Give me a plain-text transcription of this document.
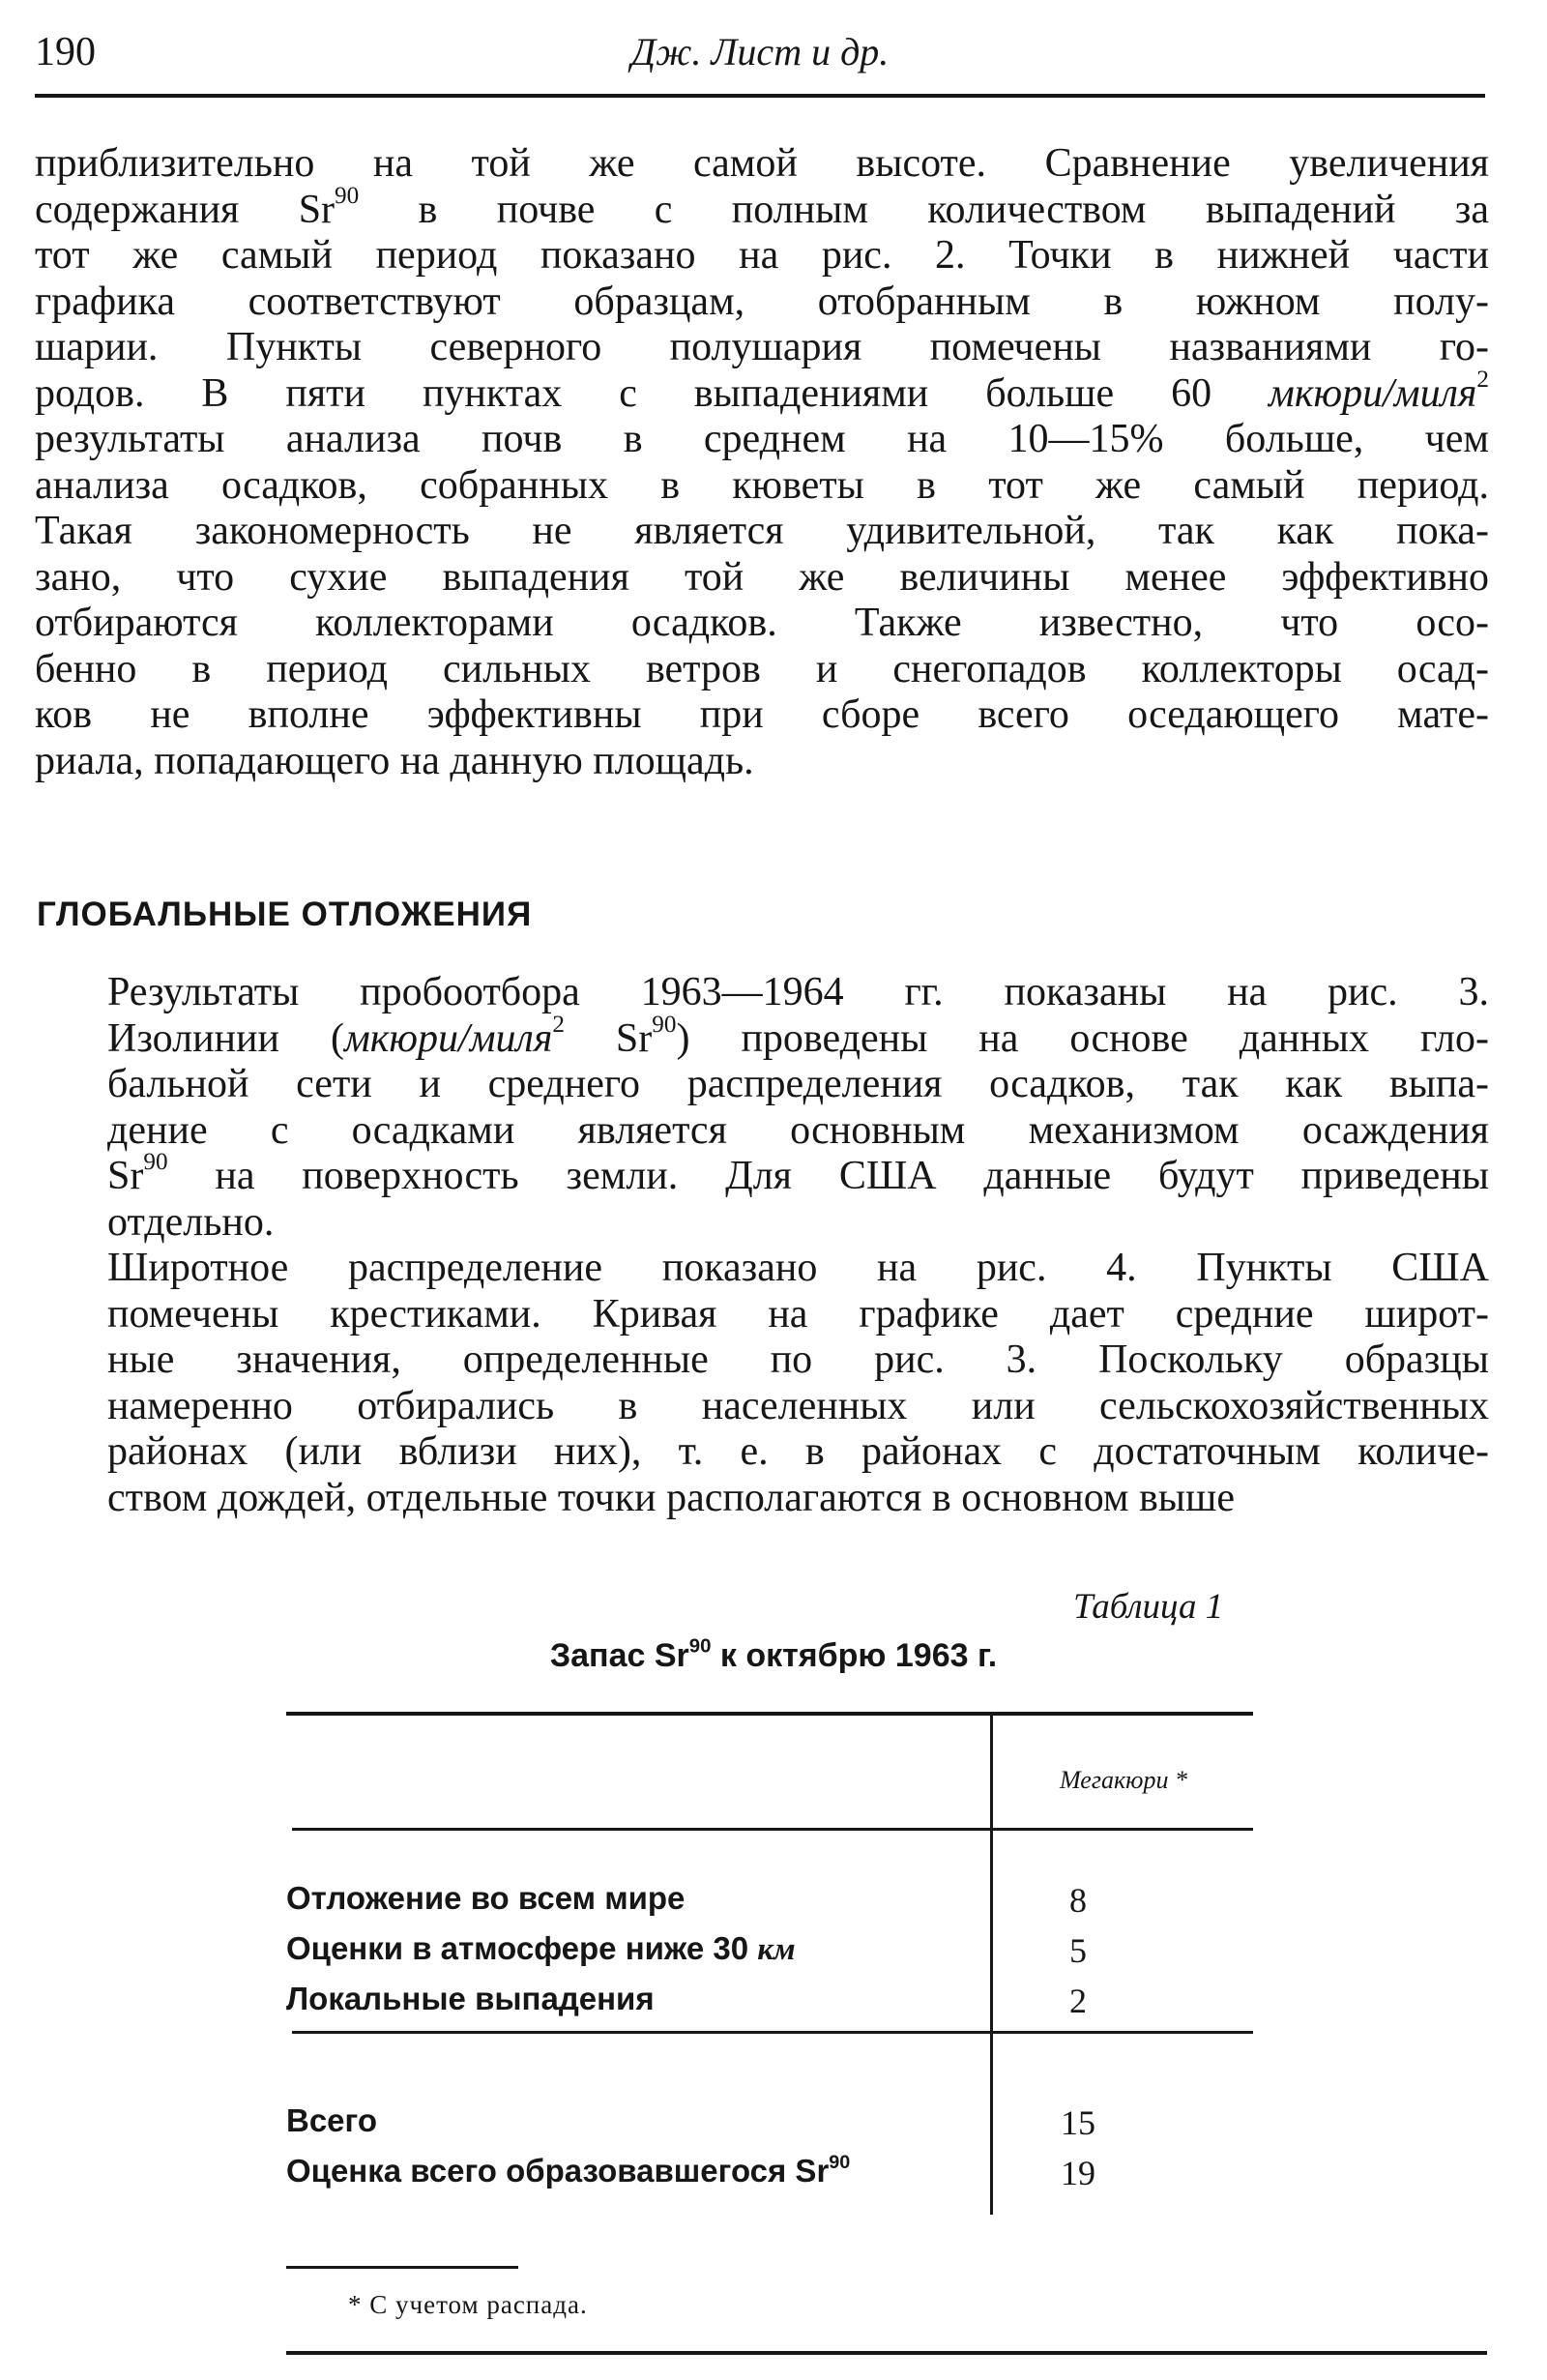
190	Дж. Лист и др.

приблизительно на той же самой высоте. Сравнение увеличения
содержания Sr$^{90}$ в почве с полным количеством выпадений за
тот же самый период показано на рис. 2. Точки в нижней части
графика соответствуют образцам, отобранным в южном полу-
шарии. Пункты северного полушария помечены названиями го-
родов. В пяти пунктах с выпадениями больше 60 мкюри/миля$^2$
результаты анализа почв в среднем на 10—15% больше, чем
анализа осадков, собранных в кюветы в тот же самый период.
Такая закономерность не является удивительной, так как пока-
зано, что сухие выпадения той же величины менее эффективно
отбираются коллекторами осадков. Также известно, что осо-
бенно в период сильных ветров и снегопадов коллекторы осад-
ков не вполне эффективны при сборе всего оседающего мате-
риала, попадающего на данную площадь.

ГЛОБАЛЬНЫЕ ОТЛОЖЕНИЯ

Результаты пробоотбора 1963—1964 гг. показаны на рис. 3.
Изолинии (мкюри/миля$^2$ Sr$^{90}$) проведены на основе данных гло-
бальной сети и среднего распределения осадков, так как выпа-
дение с осадками является основным механизмом осаждения
Sr$^{90}$ на поверхность земли. Для США данные будут приведены
отдельно.

Широтное распределение показано на рис. 4. Пункты США
помечены крестиками. Кривая на графике дает средние широт-
ные значения, определенные по рис. 3. Поскольку образцы
намеренно отбирались в населенных или сельскохозяйственных
районах (или вблизи них), т. е. в районах с достаточным количе-
ством дождей, отдельные точки располагаются в основном выше

Таблица 1
Запас Sr$^{90}$ к октябрю 1963 г.
Мегакюри *
Отложение во всем мире	8
Оценки в атмосфере ниже 30 км	5
Локальные выпадения	2
Всего	15
Оценка всего образовавшегося Sr$^{90}$	19
* С учетом распада.
